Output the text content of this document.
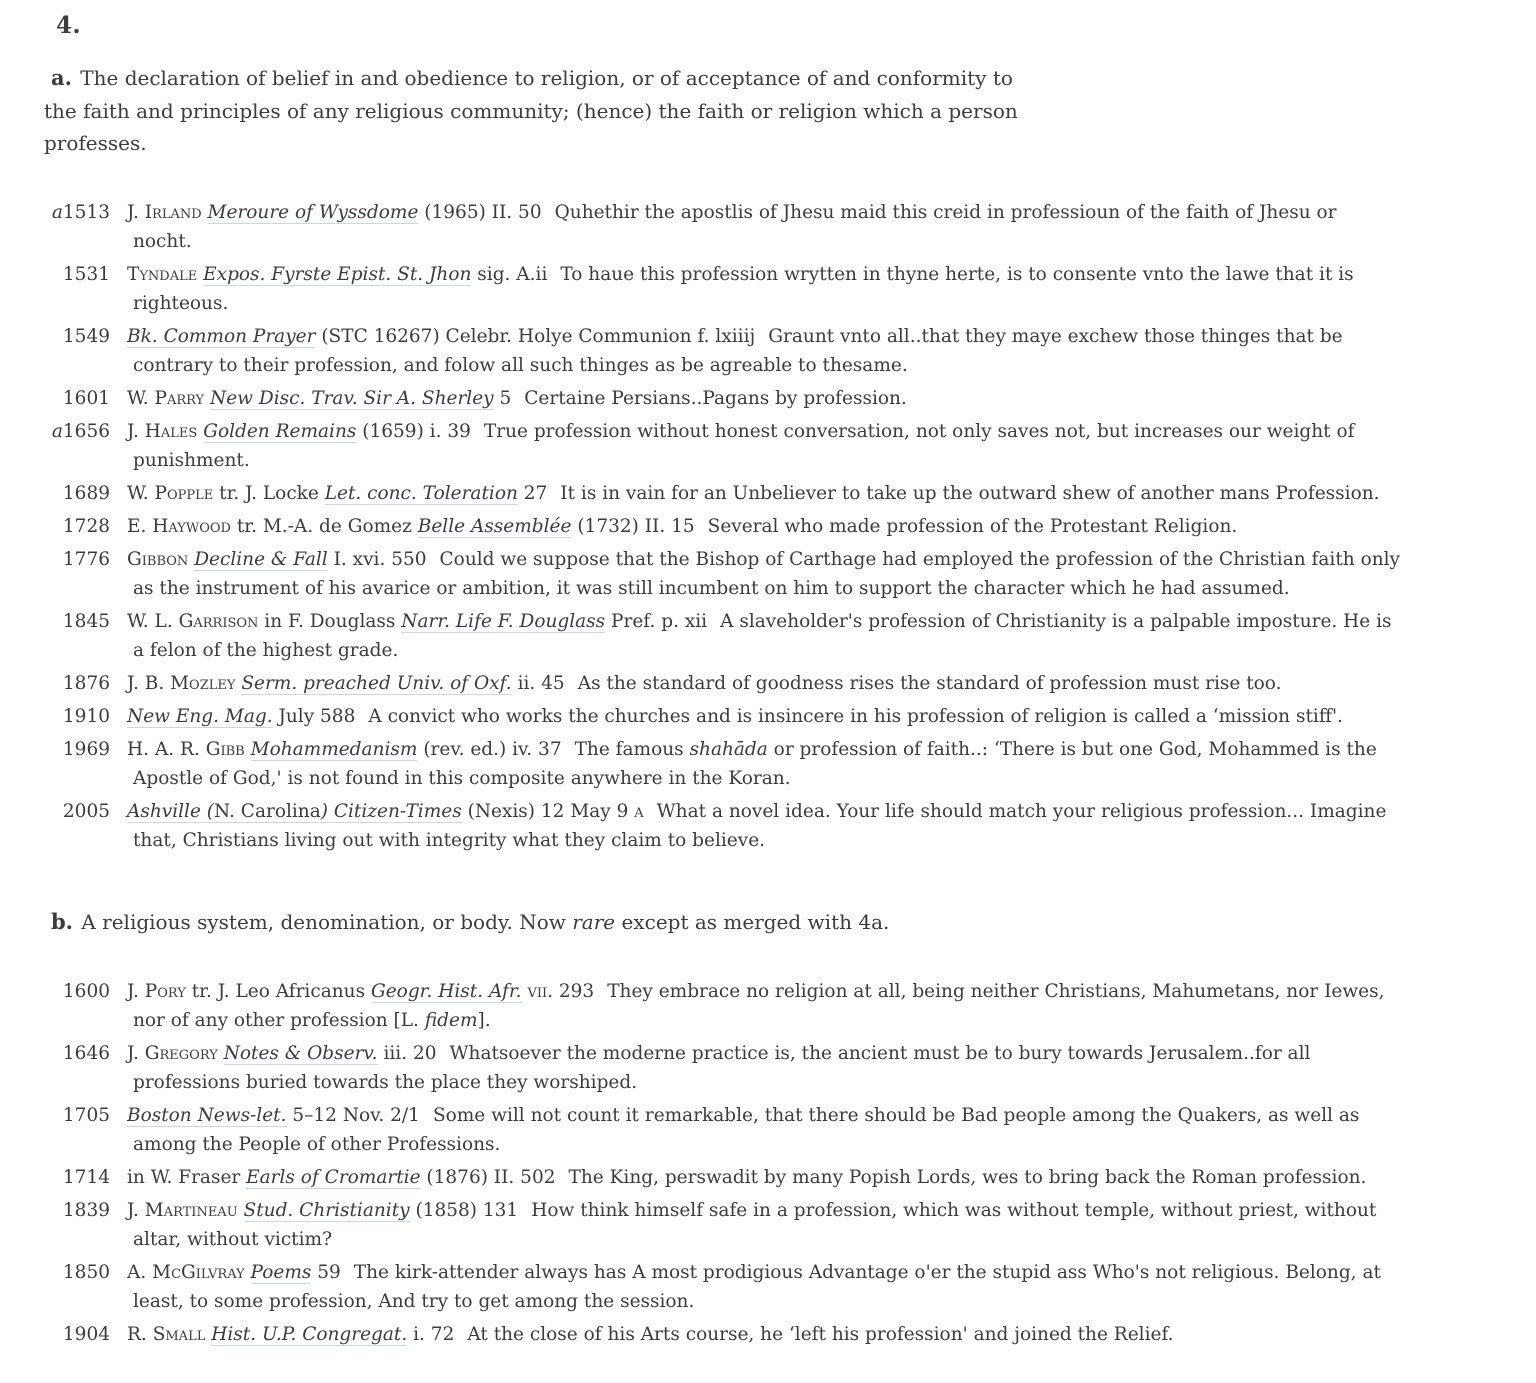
4.

a. The declaration of belief in and obedience to religion, or of acceptance of and conformity to the faith and principles of any religious community; (hence) the faith or religion which a person professes.

a1513 J. Irland Meroure of Wyssdome (1965) II. 50 Quhethir the apostlis of Jhesu maid this creid in professioun of the faith of Jhesu or nocht.
1531 Tyndale Expos. Fyrste Epist. St. Jhon sig. A.ii To haue this profession wrytten in thyne herte, is to consente vnto the lawe that it is righteous.
1549 Bk. Common Prayer (STC 16267) Celebr. Holye Communion f. lxiiij Graunt vnto all..that they maye exchew those thinges that be contrary to their profession, and folow all such thinges as be agreable to thesame.
1601 W. Parry New Disc. Trav. Sir A. Sherley 5 Certaine Persians..Pagans by profession.
a1656 J. Hales Golden Remains (1659) i. 39 True profession without honest conversation, not only saves not, but increases our weight of punishment.
1689 W. Popple tr. J. Locke Let. conc. Toleration 27 It is in vain for an Unbeliever to take up the outward shew of another mans Profession.
1728 E. Haywood tr. M.-A. de Gomez Belle Assemblée (1732) II. 15 Several who made profession of the Protestant Religion.
1776 Gibbon Decline & Fall I. xvi. 550 Could we suppose that the Bishop of Carthage had employed the profession of the Christian faith only as the instrument of his avarice or ambition, it was still incumbent on him to support the character which he had assumed.
1845 W. L. Garrison in F. Douglass Narr. Life F. Douglass Pref. p. xii A slaveholder's profession of Christianity is a palpable imposture. He is a felon of the highest grade.
1876 J. B. Mozley Serm. preached Univ. of Oxf. ii. 45 As the standard of goodness rises the standard of profession must rise too.
1910 New Eng. Mag. July 588 A convict who works the churches and is insincere in his profession of religion is called a ‘mission stiff'.
1969 H. A. R. Gibb Mohammedanism (rev. ed.) iv. 37 The famous shahāda or profession of faith..: ‘There is but one God, Mohammed is the Apostle of God,' is not found in this composite anywhere in the Koran.
2005 Ashville (N. Carolina) Citizen-Times (Nexis) 12 May 9 a What a novel idea. Your life should match your religious profession... Imagine that, Christians living out with integrity what they claim to believe.

b. A religious system, denomination, or body. Now rare except as merged with 4a.

1600 J. Pory tr. J. Leo Africanus Geogr. Hist. Afr. vii. 293 They embrace no religion at all, being neither Christians, Mahumetans, nor Iewes, nor of any other profession [L. fidem].
1646 J. Gregory Notes & Observ. iii. 20 Whatsoever the moderne practice is, the ancient must be to bury towards Jerusalem..for all professions buried towards the place they worshiped.
1705 Boston News-let. 5–12 Nov. 2/1 Some will not count it remarkable, that there should be Bad people among the Quakers, as well as among the People of other Professions.
1714 in W. Fraser Earls of Cromartie (1876) II. 502 The King, perswadit by many Popish Lords, wes to bring back the Roman profession.
1839 J. Martineau Stud. Christianity (1858) 131 How think himself safe in a profession, which was without temple, without priest, without altar, without victim?
1850 A. McGilvray Poems 59 The kirk-attender always has A most prodigious Advantage o'er the stupid ass Who's not religious. Belong, at least, to some profession, And try to get among the session.
1904 R. Small Hist. U.P. Congregat. i. 72 At the close of his Arts course, he ‘left his profession' and joined the Relief.
